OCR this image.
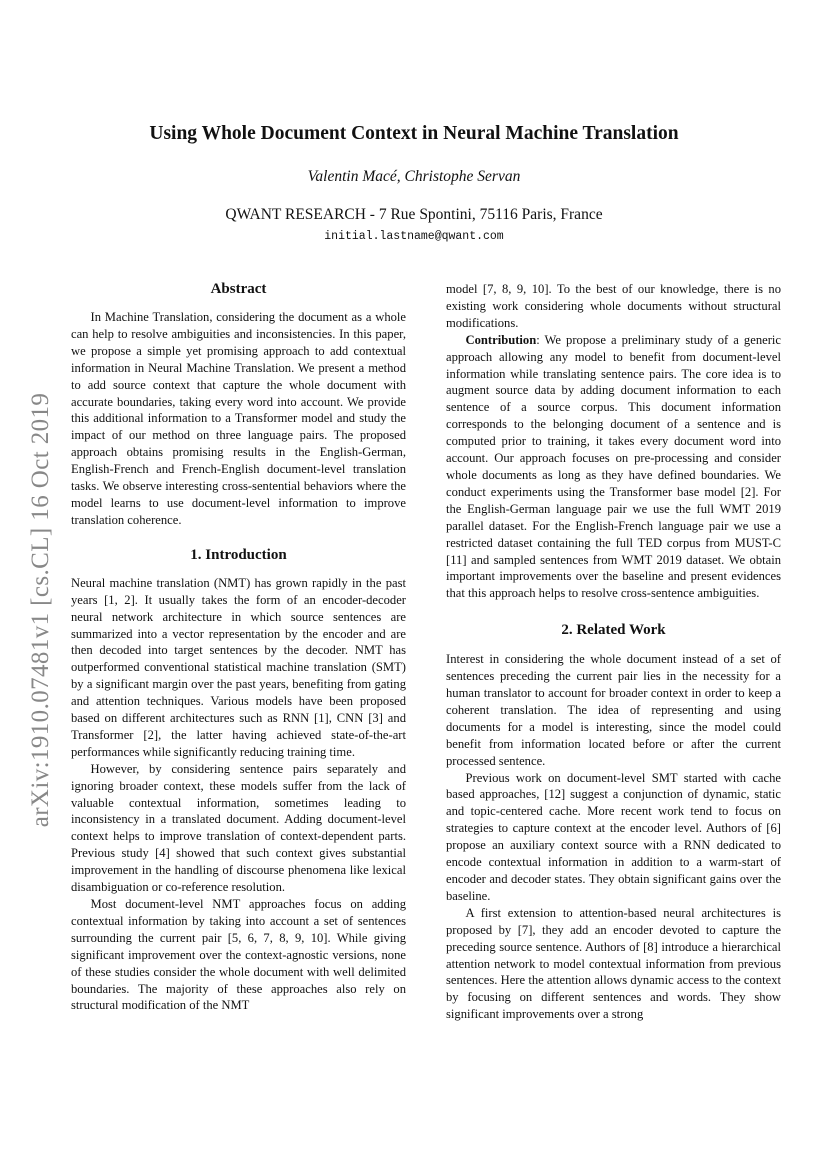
Using Whole Document Context in Neural Machine Translation
Valentin Macé, Christophe Servan
QWANT RESEARCH - 7 Rue Spontini, 75116 Paris, France
initial.lastname@qwant.com
arXiv:1910.07481v1 [cs.CL] 16 Oct 2019
Abstract

In Machine Translation, considering the document as a whole can help to resolve ambiguities and inconsistencies. In this paper, we propose a simple yet promising approach to add contextual information in Neural Machine Translation. We present a method to add source context that capture the whole document with accurate boundaries, taking every word into account. We provide this additional information to a Transformer model and study the impact of our method on three language pairs. The proposed approach obtains promising results in the English-German, English-French and French-English document-level translation tasks. We observe interesting cross-sentential behaviors where the model learns to use document-level information to improve translation coherence.

1. Introduction

Neural machine translation (NMT) has grown rapidly in the past years [1, 2]. It usually takes the form of an encoder-decoder neural network architecture in which source sentences are summarized into a vector representation by the encoder and are then decoded into target sentences by the decoder. NMT has outperformed conventional statistical machine translation (SMT) by a significant margin over the past years, benefiting from gating and attention techniques. Various models have been proposed based on different architectures such as RNN [1], CNN [3] and Transformer [2], the latter having achieved state-of-the-art performances while significantly reducing training time.

However, by considering sentence pairs separately and ignoring broader context, these models suffer from the lack of valuable contextual information, sometimes leading to inconsistency in a translated document. Adding document-level context helps to improve translation of context-dependent parts. Previous study [4] showed that such context gives substantial improvement in the handling of discourse phenomena like lexical disambiguation or co-reference resolution.

Most document-level NMT approaches focus on adding contextual information by taking into account a set of sentences surrounding the current pair [5, 6, 7, 8, 9, 10]. While giving significant improvement over the context-agnostic versions, none of these studies consider the whole document with well delimited boundaries. The majority of these approaches also rely on structural modification of the NMT

model [7, 8, 9, 10]. To the best of our knowledge, there is no existing work considering whole documents without structural modifications.

Contribution: We propose a preliminary study of a generic approach allowing any model to benefit from document-level information while translating sentence pairs. The core idea is to augment source data by adding document information to each sentence of a source corpus. This document information corresponds to the belonging document of a sentence and is computed prior to training, it takes every document word into account. Our approach focuses on pre-processing and consider whole documents as long as they have defined boundaries. We conduct experiments using the Transformer base model [2]. For the English-German language pair we use the full WMT 2019 parallel dataset. For the English-French language pair we use a restricted dataset containing the full TED corpus from MUST-C [11] and sampled sentences from WMT 2019 dataset. We obtain important improvements over the baseline and present evidences that this approach helps to resolve cross-sentence ambiguities.

2. Related Work

Interest in considering the whole document instead of a set of sentences preceding the current pair lies in the necessity for a human translator to account for broader context in order to keep a coherent translation. The idea of representing and using documents for a model is interesting, since the model could benefit from information located before or after the current processed sentence.

Previous work on document-level SMT started with cache based approaches, [12] suggest a conjunction of dynamic, static and topic-centered cache. More recent work tend to focus on strategies to capture context at the encoder level. Authors of [6] propose an auxiliary context source with a RNN dedicated to encode contextual information in addition to a warm-start of encoder and decoder states. They obtain significant gains over the baseline.

A first extension to attention-based neural architectures is proposed by [7], they add an encoder devoted to capture the preceding source sentence. Authors of [8] introduce a hierarchical attention network to model contextual information from previous sentences. Here the attention allows dynamic access to the context by focusing on different sentences and words. They show significant improvements over a strong
